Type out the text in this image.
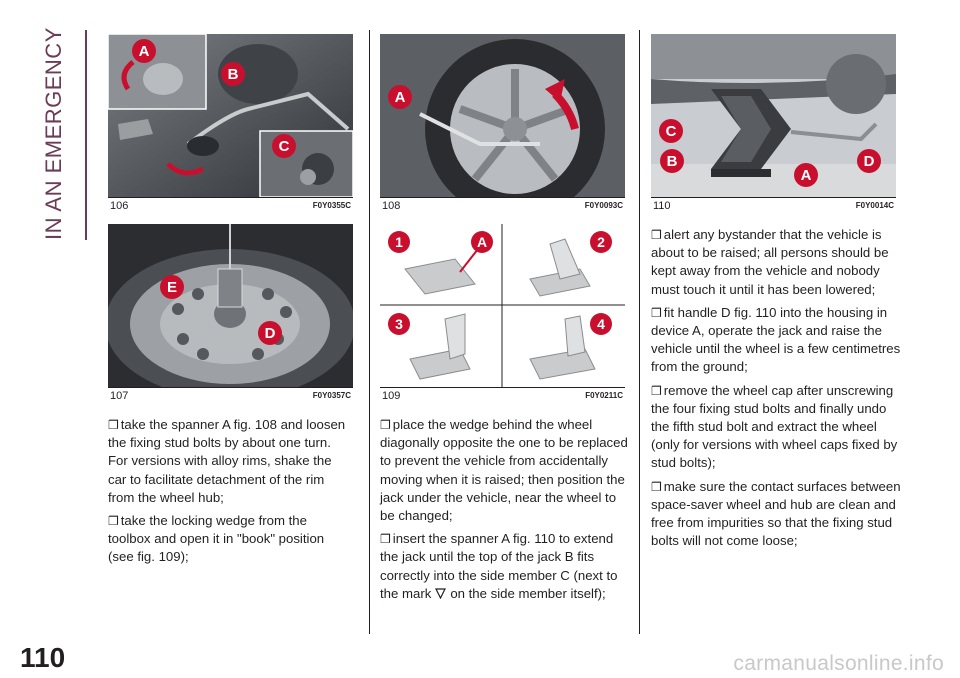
IN AN EMERGENCY	A
B
C
106	F0Y0355C
E
D
107	F0Y0357C
A
108	F0Y0093C
1	A	2
3	4
109	F0Y0211C
C
B
A
D
110	F0Y0014C

❒ take the spanner A fig. 108 and loosen the fixing stud bolts by about one turn. For versions with alloy rims, shake the car to facilitate detachment of the rim from the wheel hub;

❒ take the locking wedge from the toolbox and open it in "book" position (see fig. 109);

❒ place the wedge behind the wheel diagonally opposite the one to be replaced to prevent the vehicle from accidentally moving when it is raised; then position the jack under the vehicle, near the wheel to be changed;

❒ insert the spanner A fig. 110 to extend the jack until the top of the jack B fits correctly into the side member C (next to the mark on the side member itself);

❒ alert any bystander that the vehicle is about to be raised; all persons should be kept away from the vehicle and nobody must touch it until it has been lowered;

❒ fit handle D fig. 110 into the housing in device A, operate the jack and raise the vehicle until the wheel is a few centimetres from the ground;

❒ remove the wheel cap after unscrewing the four fixing stud bolts and finally undo the fifth stud bolt and extract the wheel (only for versions with wheel caps fixed by stud bolts);

❒ make sure the contact surfaces between space-saver wheel and hub are clean and free from impurities so that the fixing stud bolts will not come loose;

110	carmanualsonline.info
